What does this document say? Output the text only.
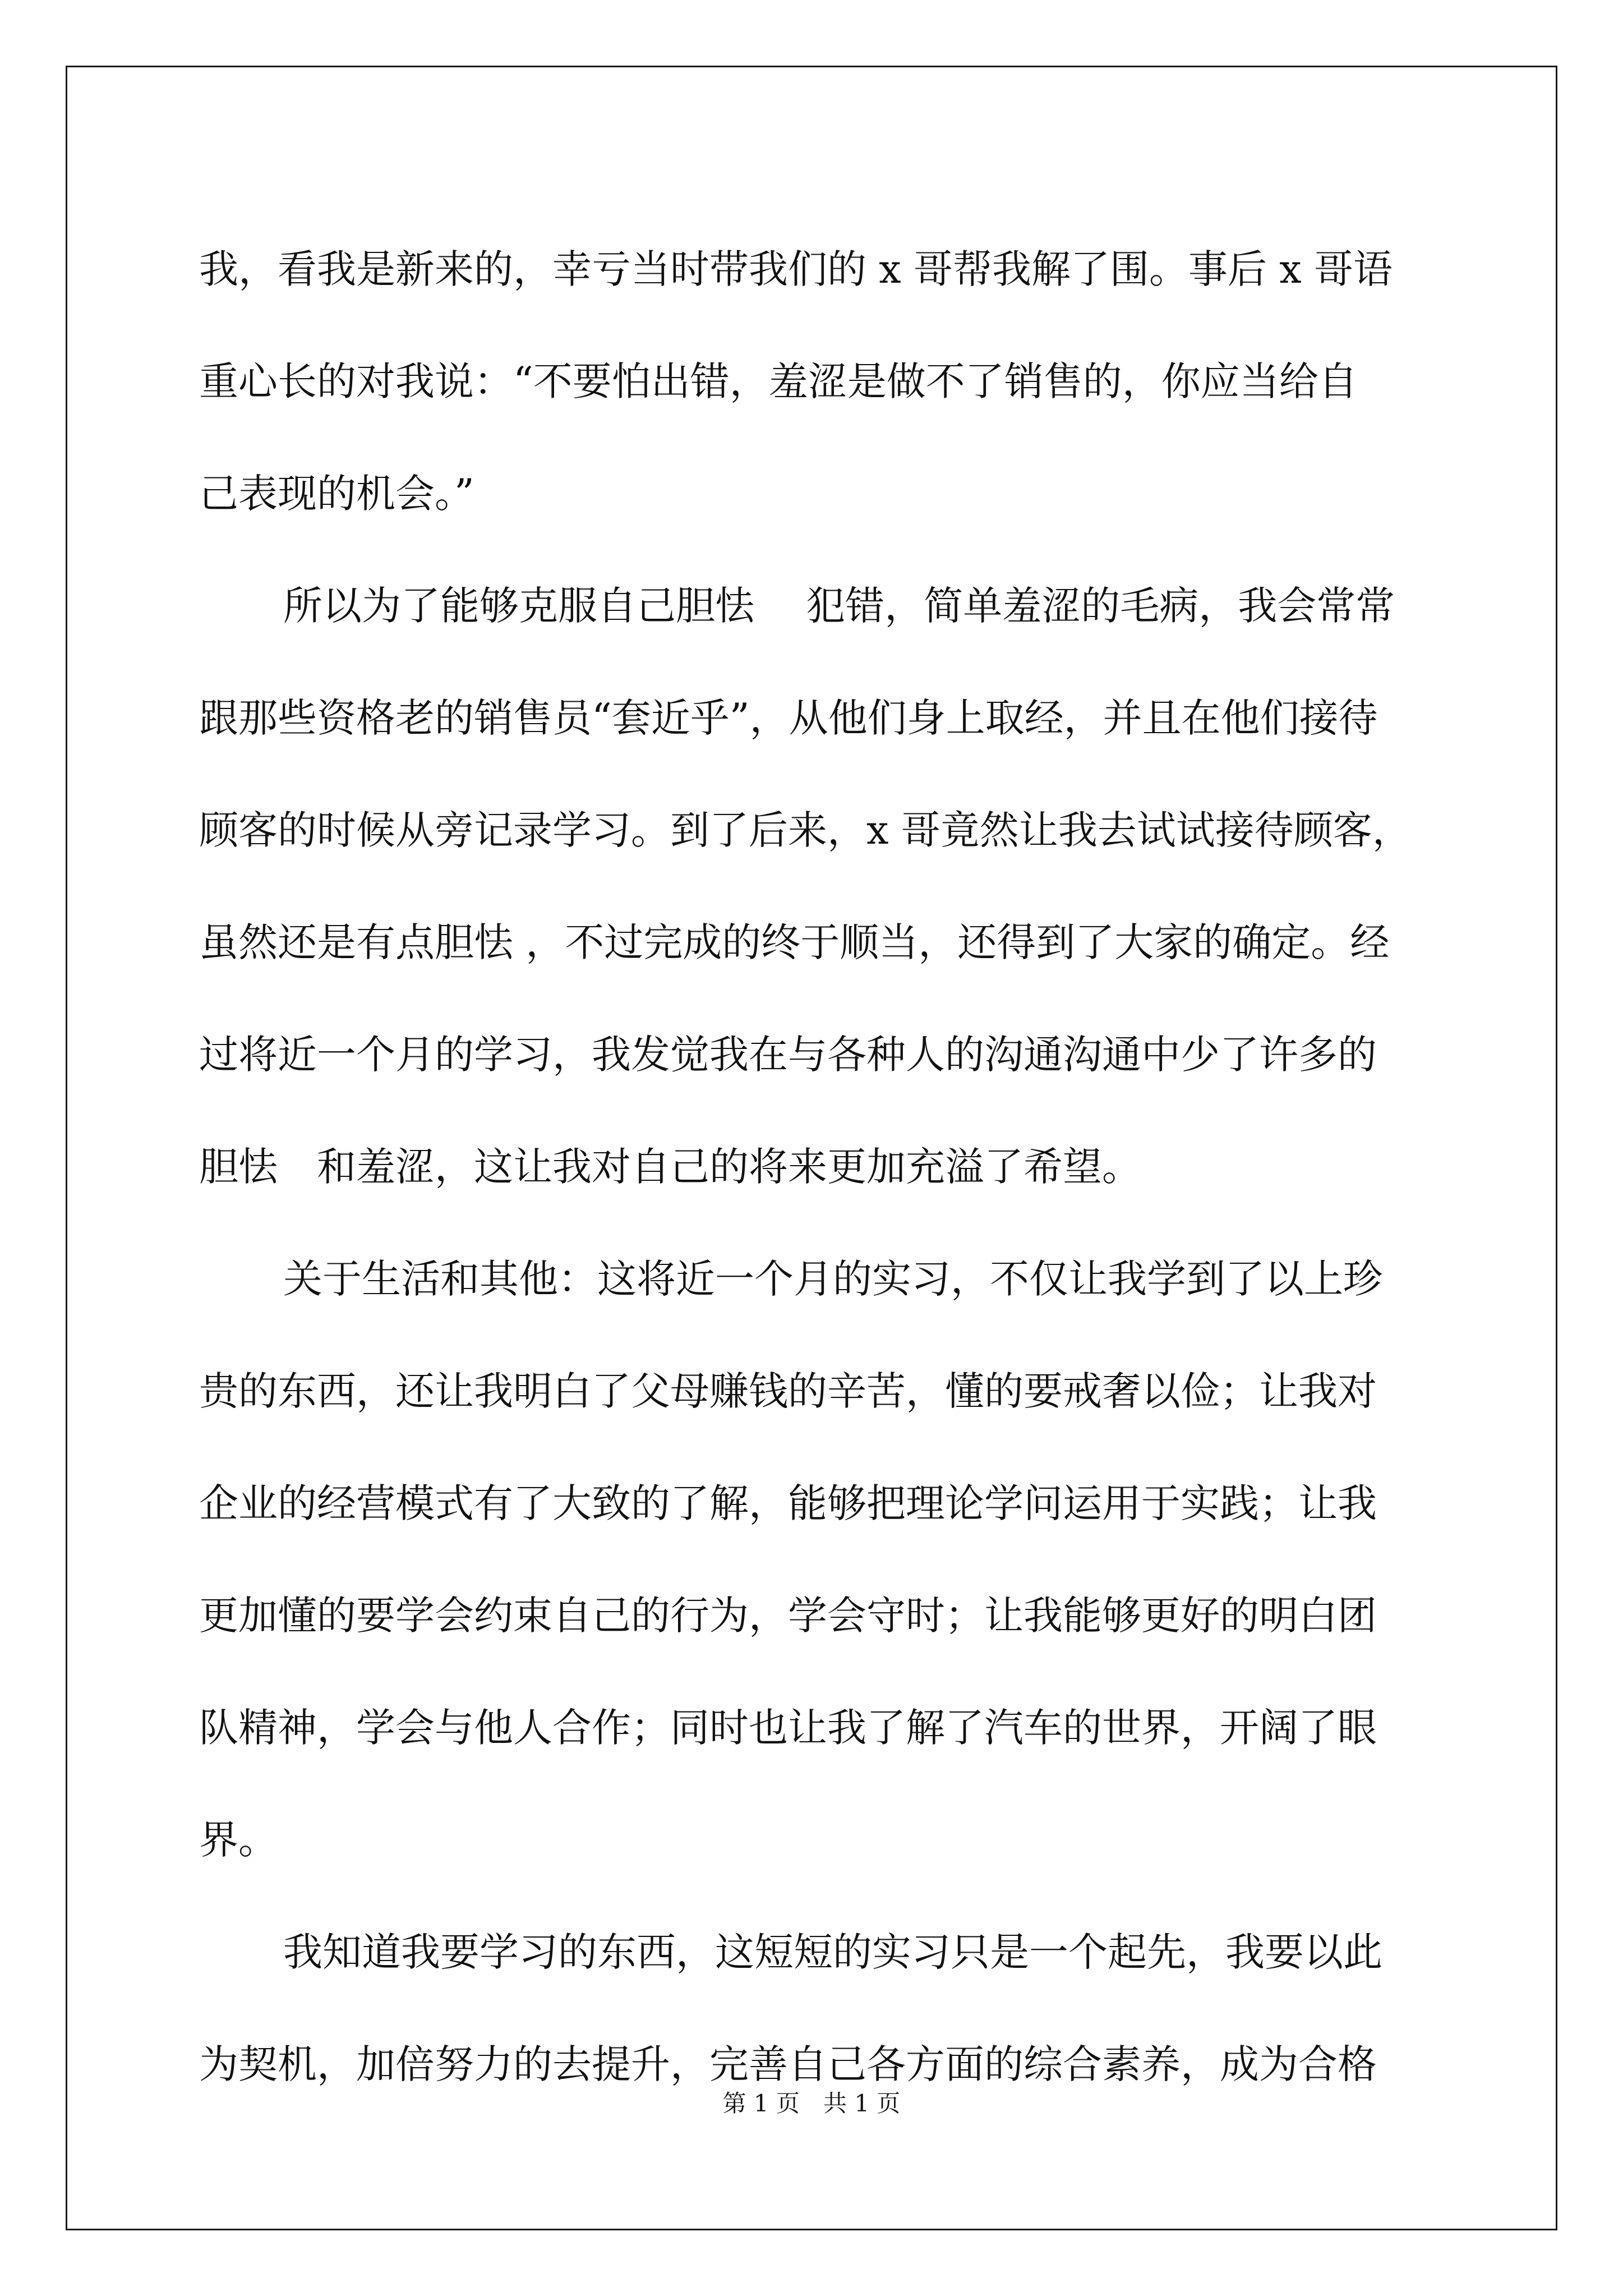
我，看我是新来的，幸亏当时带我们的 x 哥帮我解了围。事后 x 哥语
重心长的对我说：“不要怕出错，羞涩是做不了销售的，你应当给自
己表现的机会。”
所以为了能够克服自己胆怯　 犯错，简单羞涩的毛病，我会常常
跟那些资格老的销售员“套近乎”，从他们身上取经，并且在他们接待
顾客的时候从旁记录学习。到了后来，x 哥竟然让我去试试接待顾客，
虽然还是有点胆怯 ，不过完成的终于顺当，还得到了大家的确定。经
过将近一个月的学习，我发觉我在与各种人的沟通沟通中少了许多的
胆怯　和羞涩，这让我对自己的将来更加充溢了希望。
关于生活和其他：这将近一个月的实习，不仅让我学到了以上珍
贵的东西，还让我明白了父母赚钱的辛苦，懂的要戒奢以俭；让我对
企业的经营模式有了大致的了解，能够把理论学问运用于实践；让我
更加懂的要学会约束自己的行为，学会守时；让我能够更好的明白团
队精神，学会与他人合作；同时也让我了解了汽车的世界，开阔了眼
界。
我知道我要学习的东西，这短短的实习只是一个起先，我要以此
为契机，加倍努力的去提升，完善自己各方面的综合素养，成为合格
第 1 页　共 1 页
